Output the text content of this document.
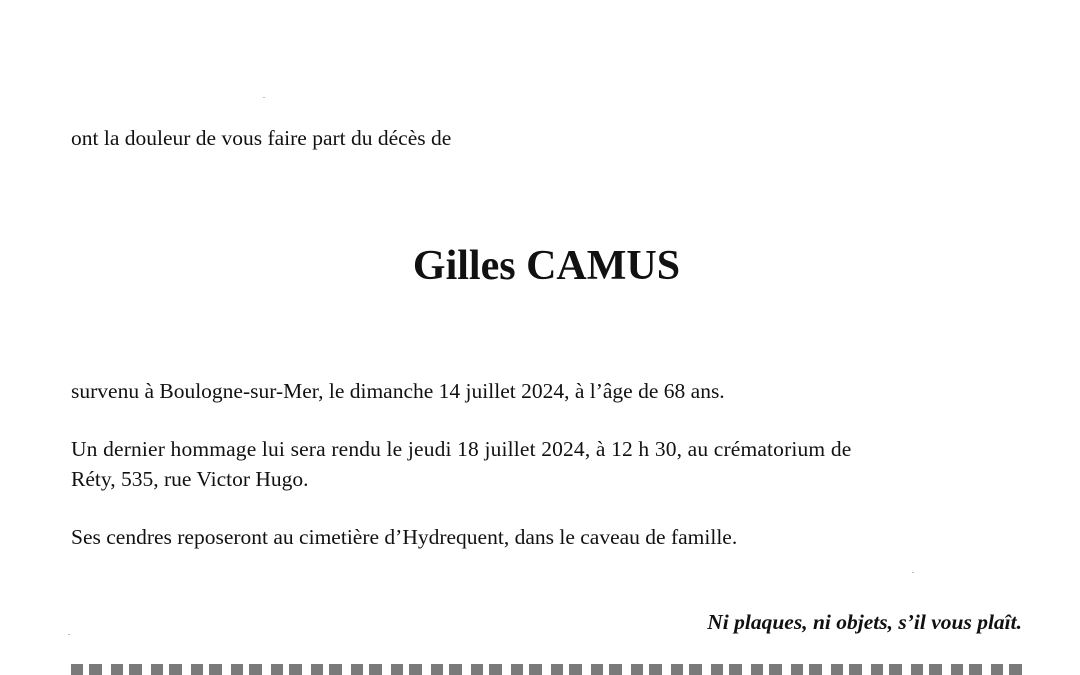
ont la douleur de vous faire part du décès de

Gilles CAMUS

survenu à Boulogne-sur-Mer, le dimanche 14 juillet 2024, à l’âge de 68 ans.

Un dernier hommage lui sera rendu le jeudi 18 juillet 2024, à 12 h 30, au crématorium de

Réty, 535, rue Victor Hugo.

Ses cendres reposeront au cimetière d’Hydrequent, dans le caveau de famille.

Ni plaques, ni objets, s’il vous plaît.
